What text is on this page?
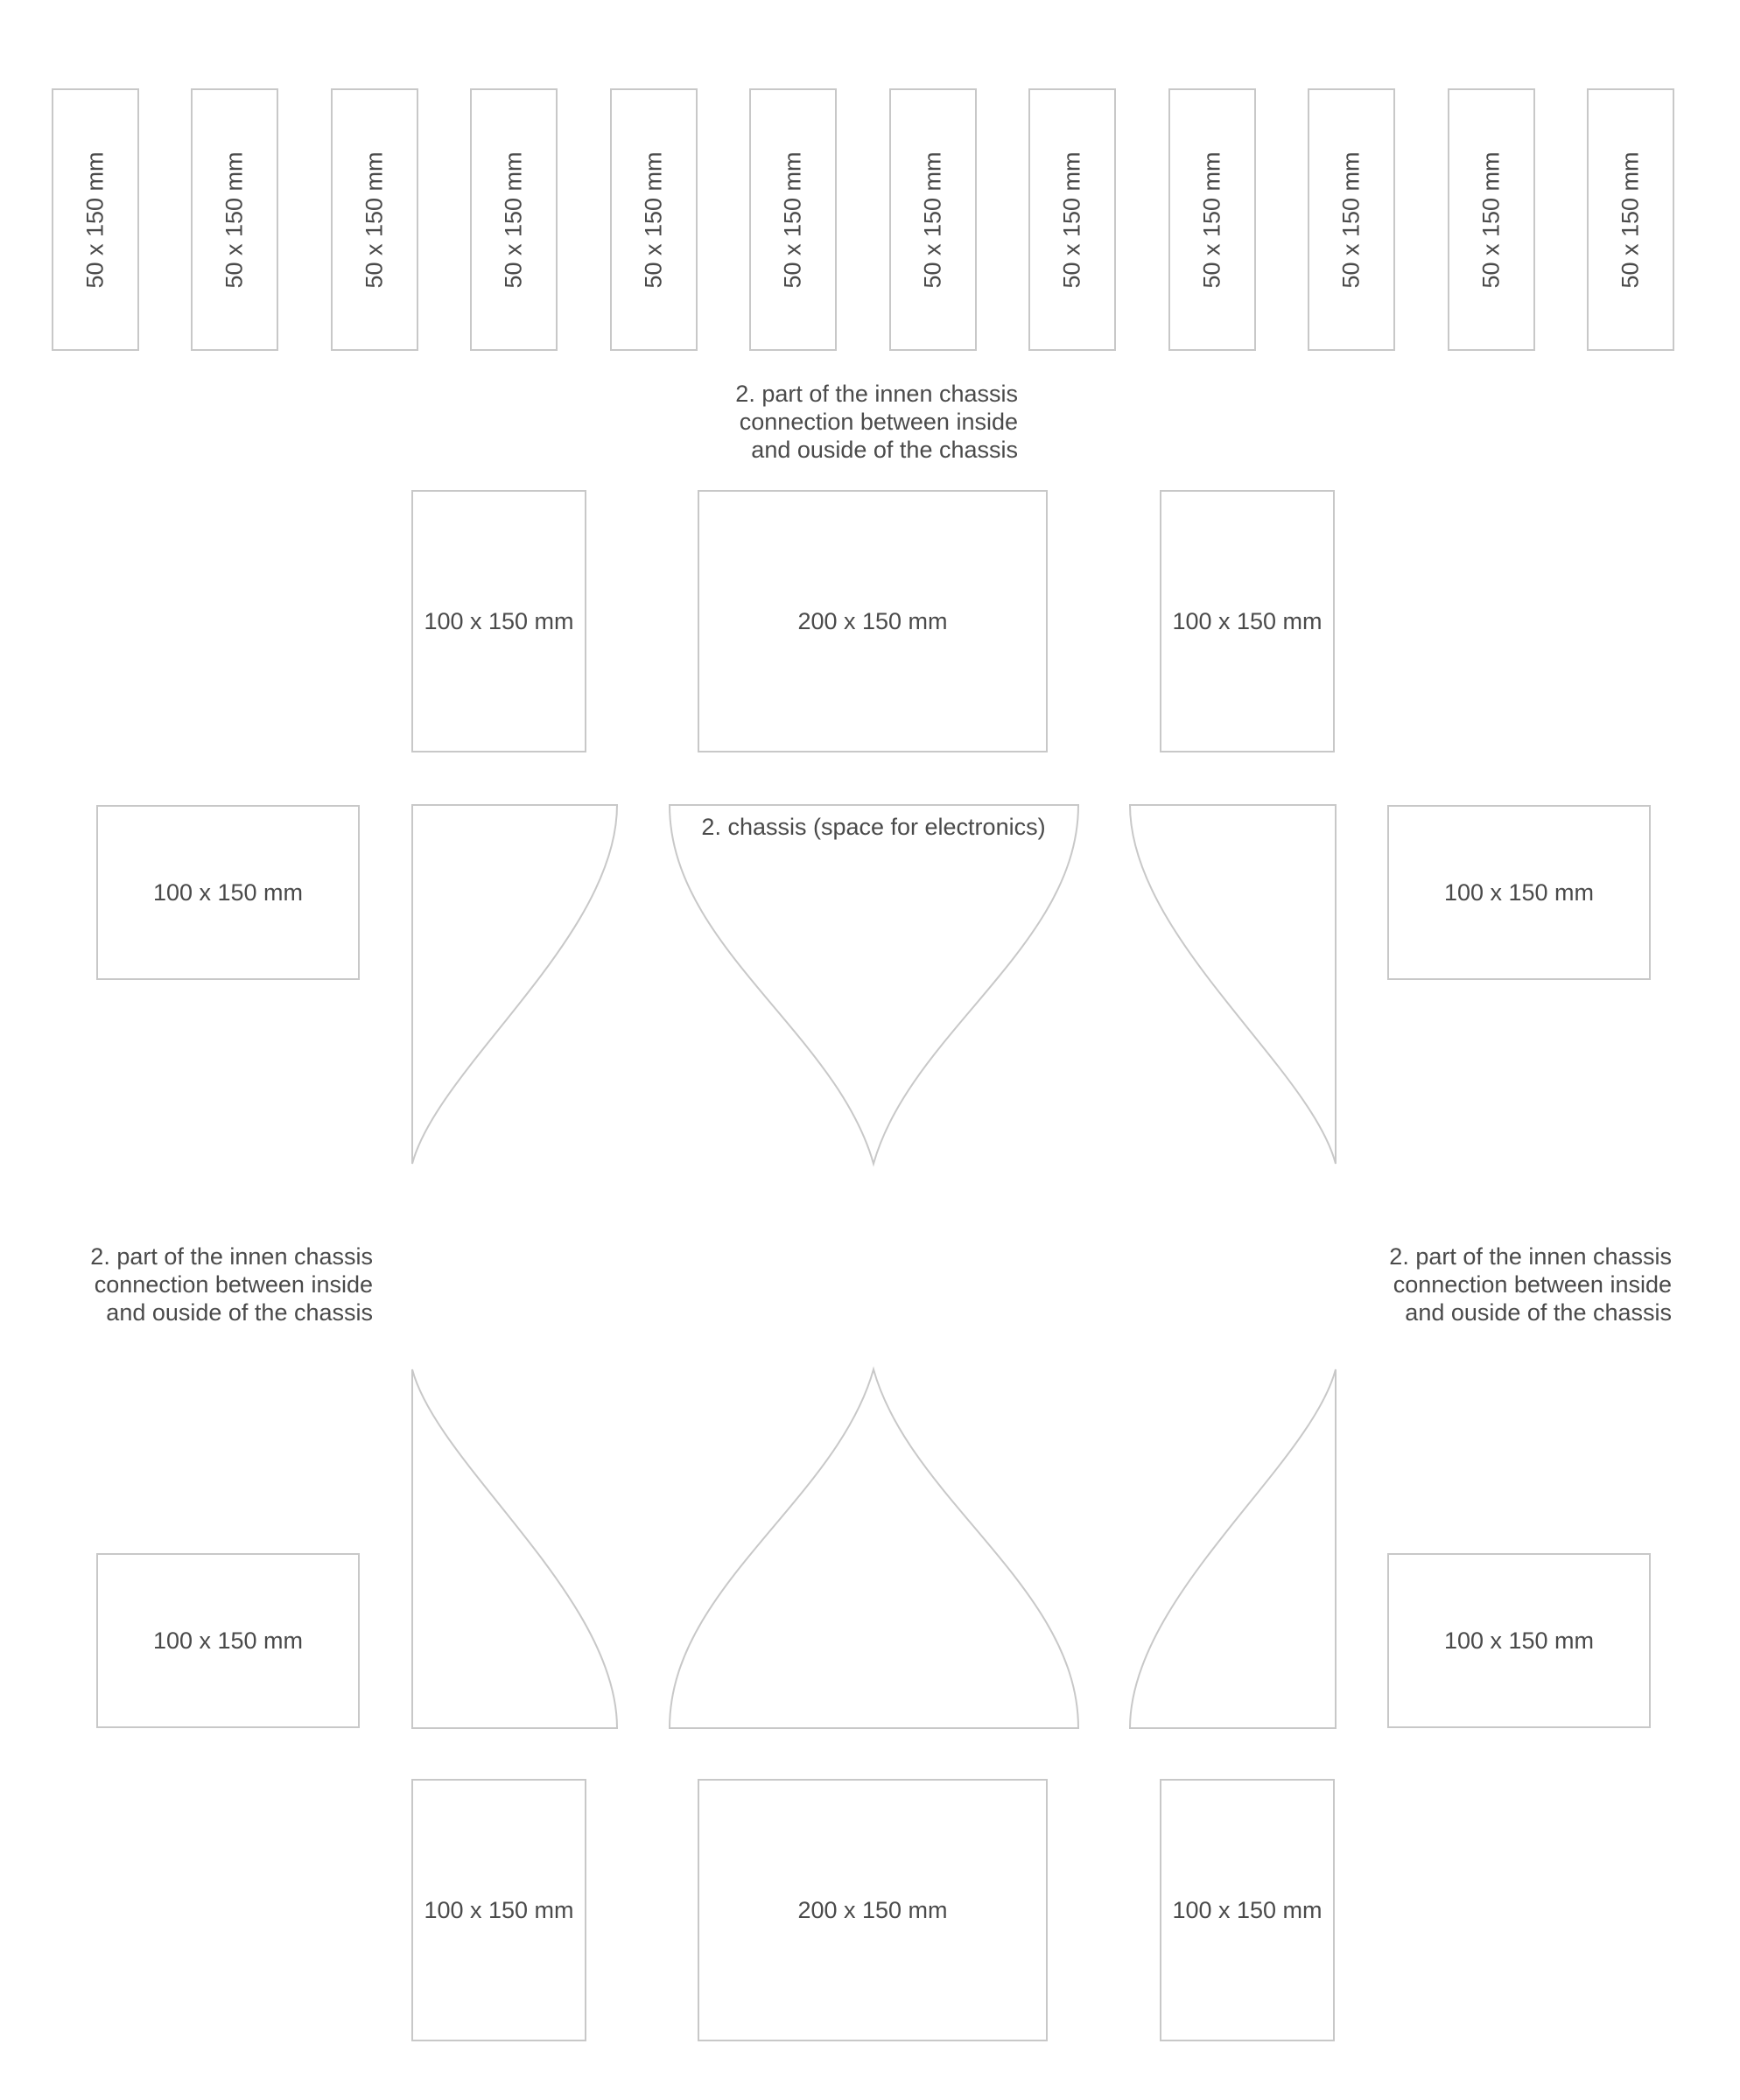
50 x 150 mm	50 x 150 mm	50 x 150 mm	50 x 150 mm	50 x 150 mm	50 x 150 mm	50 x 150 mm	50 x 150 mm	50 x 150 mm	50 x 150 mm	50 x 150 mm	50 x 150 mm
2. part of the innen chassis
connection between inside
and ouside of the chassis
2. part of the innen chassis
connection between inside
and ouside of the chassis
2. part of the innen chassis
connection between inside
and ouside of the chassis
100 x 150 mm	200 x 150 mm	100 x 150 mm
100 x 150 mm	100 x 150 mm
2. chassis (space for electronics)
100 x 150 mm	100 x 150 mm
100 x 150 mm	200 x 150 mm	100 x 150 mm
